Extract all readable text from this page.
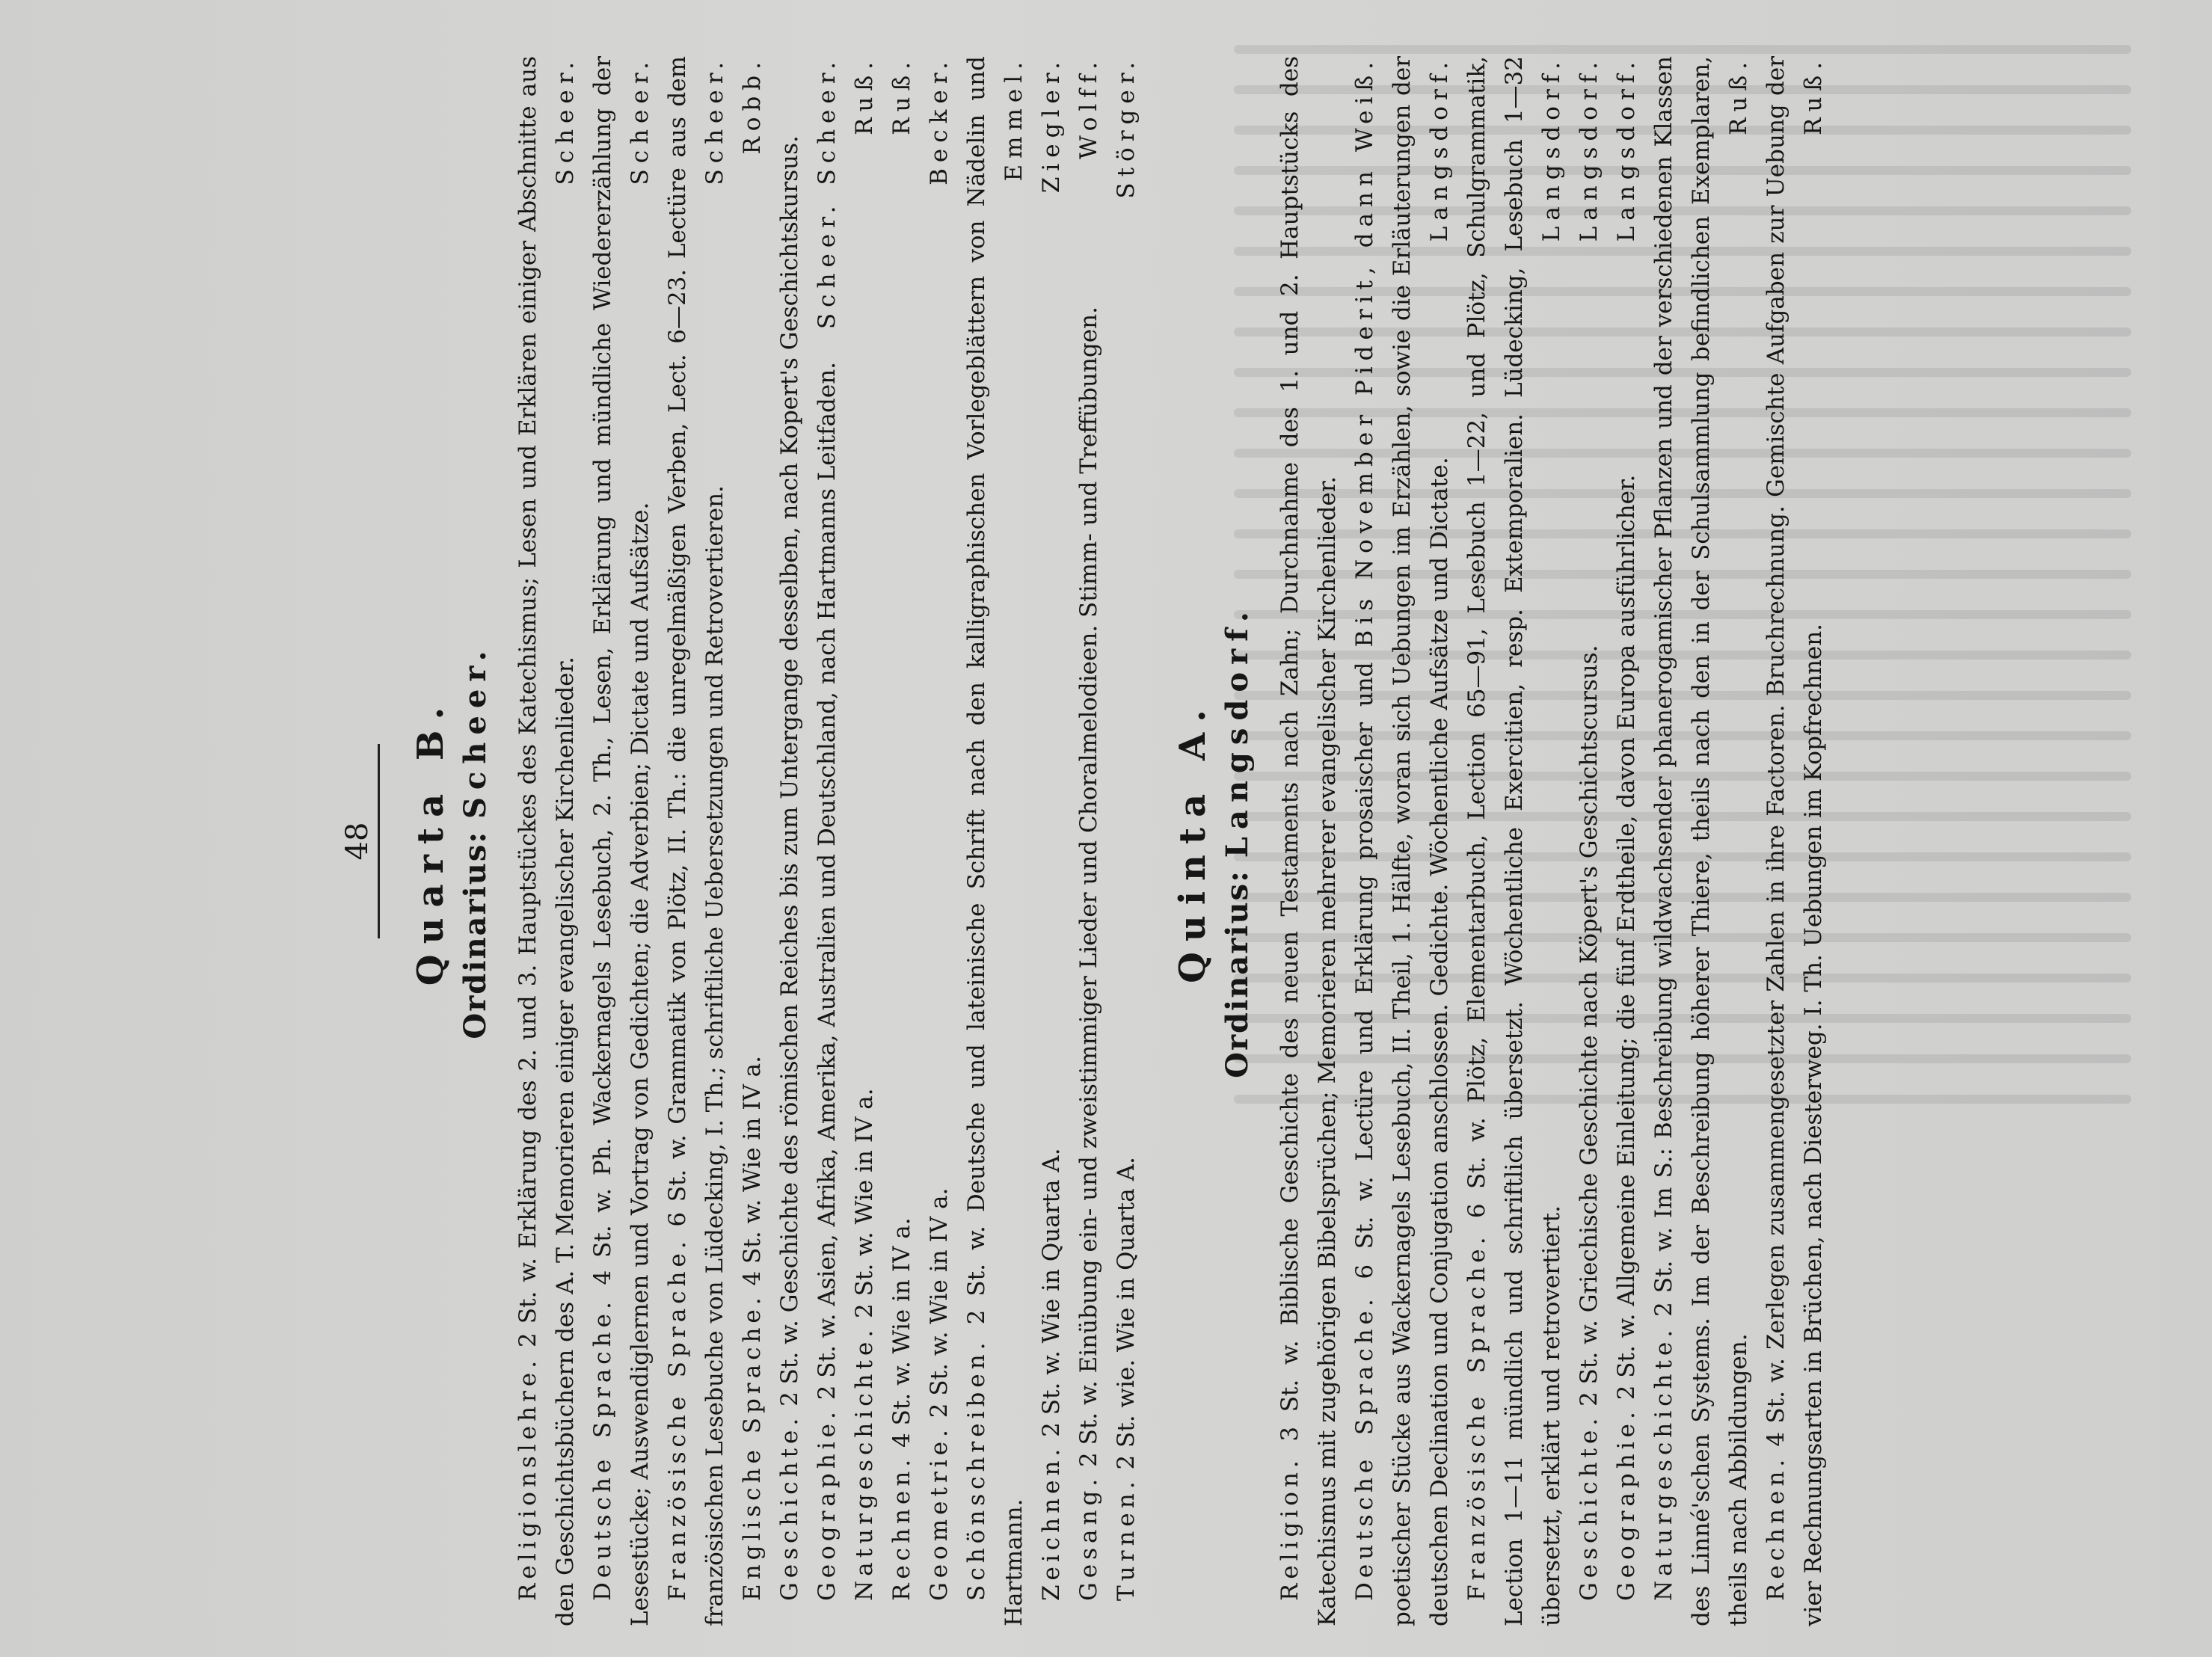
48 Quarta B. Ordinarius: Scheer.

Religionslehre. 2 St. w. Erklärung des 2. und 3. Hauptstückes des Katechismus; Lesen und Erklären einiger Abschnitte aus den Geschichtsbüchern des A. T. Memorieren einiger evangelischer Kirchenlieder.
Scheer.

Deutsche Sprache. 4 St. w. Ph. Wackernagels Lesebuch, 2. Th., Lesen, Erklärung und mündliche Wiedererzählung der Lesestücke; Auswendiglernen und Vortrag von Gedichten; die Adverbien; Dictate und Aufsätze.
Scheer.

Französische Sprache. 6 St. w. Grammatik von Plötz, II. Th.: die unregelmäßigen Verben, Lect. 6—23. Lectüre aus dem französischen Lesebuche von Lüdecking, I. Th.; schriftliche Uebersetzungen und Retrovertieren.
Scheer.

Englische Sprache. 4 St. w. Wie in IV a.
Robb.

Geschichte. 2 St. w. Geschichte des römischen Reiches bis zum Untergange desselben, nach Kopert's Geschichtskursus.
Scheer.

Geographie. 2 St. w. Asien, Afrika, Amerika, Australien und Deutschland, nach Hartmanns Leitfaden.
Scheer.

Naturgeschichte. 2 St. w. Wie in IV a.
Ruß.

Rechnen. 4 St. w. Wie in IV a.
Ruß.

Geometrie. 2 St. w. Wie in IV a.
Becker.

Schönschreiben. 2 St. w. Deutsche und lateinische Schrift nach den kalligraphischen Vorlegeblättern von Nädelin und Hartmann.
Emmel.

Zeichnen. 2 St. w. Wie in Quarta A.
Ziegler.

Gesang. 2 St. w. Einübung ein- und zweistimmiger Lieder und Choralmelodieen. Stimm- und Treffübungen.
Wolff.

Turnen. 2 St. wie. Wie in Quarta A.
Störger.

Quinta A. Ordinarius: Langsdorf.

Religion. 3 St. w. Biblische Geschichte des neuen Testaments nach Zahn; Durchnahme des 1. und 2. Hauptstücks des Katechismus mit zugehörigen Bibelsprüchen; Memorieren mehrerer evangelischer Kirchenlieder.
Bis November Piderit, dann Weiß.

Deutsche Sprache. 6 St. w. Lectüre und Erklärung prosaischer und poetischer Stücke aus Wackernagels Lesebuch, II. Theil, 1. Hälfte, woran sich Uebungen im Erzählen, sowie die Erläuterungen der deutschen Declination und Conjugation anschlossen. Gedichte. Wöchentliche Aufsätze und Dictate.
Langsdorf.

Französische Sprache. 6 St. w. Plötz, Elementarbuch, Lection 65—91, Lesebuch 1—22, und Plötz, Schulgrammatik, Lection 1—11 mündlich und schriftlich übersetzt. Wöchentliche Exercitien, resp. Extemporalien. Lüdecking, Lesebuch 1—32 übersetzt, erklärt und retrovertiert.
Langsdorf.

Geschichte. 2 St. w. Griechische Geschichte nach Köpert's Geschichtscursus.
Langsdorf.

Geographie. 2 St. w. Allgemeine Einleitung; die fünf Erdtheile, davon Europa ausführlicher.
Langsdorf.

Naturgeschichte. 2 St. w. Im S.: Beschreibung wildwachsender phanerogamischer Pflanzen und der verschiedenen Klassen des Linné'schen Systems. Im der Beschreibung höherer Thiere, theils nach den in der Schulsammlung befindlichen Exemplaren, theils nach Abbildungen.
Ruß.

Rechnen. 4 St. w. Zerlegen zusammengesetzter Zahlen in ihre Factoren. Bruchrechnung. Gemischte Aufgaben zur Uebung der vier Rechnungsarten in Brüchen, nach Diesterweg. I. Th. Uebungen im Kopfrechnen.
Ruß.
